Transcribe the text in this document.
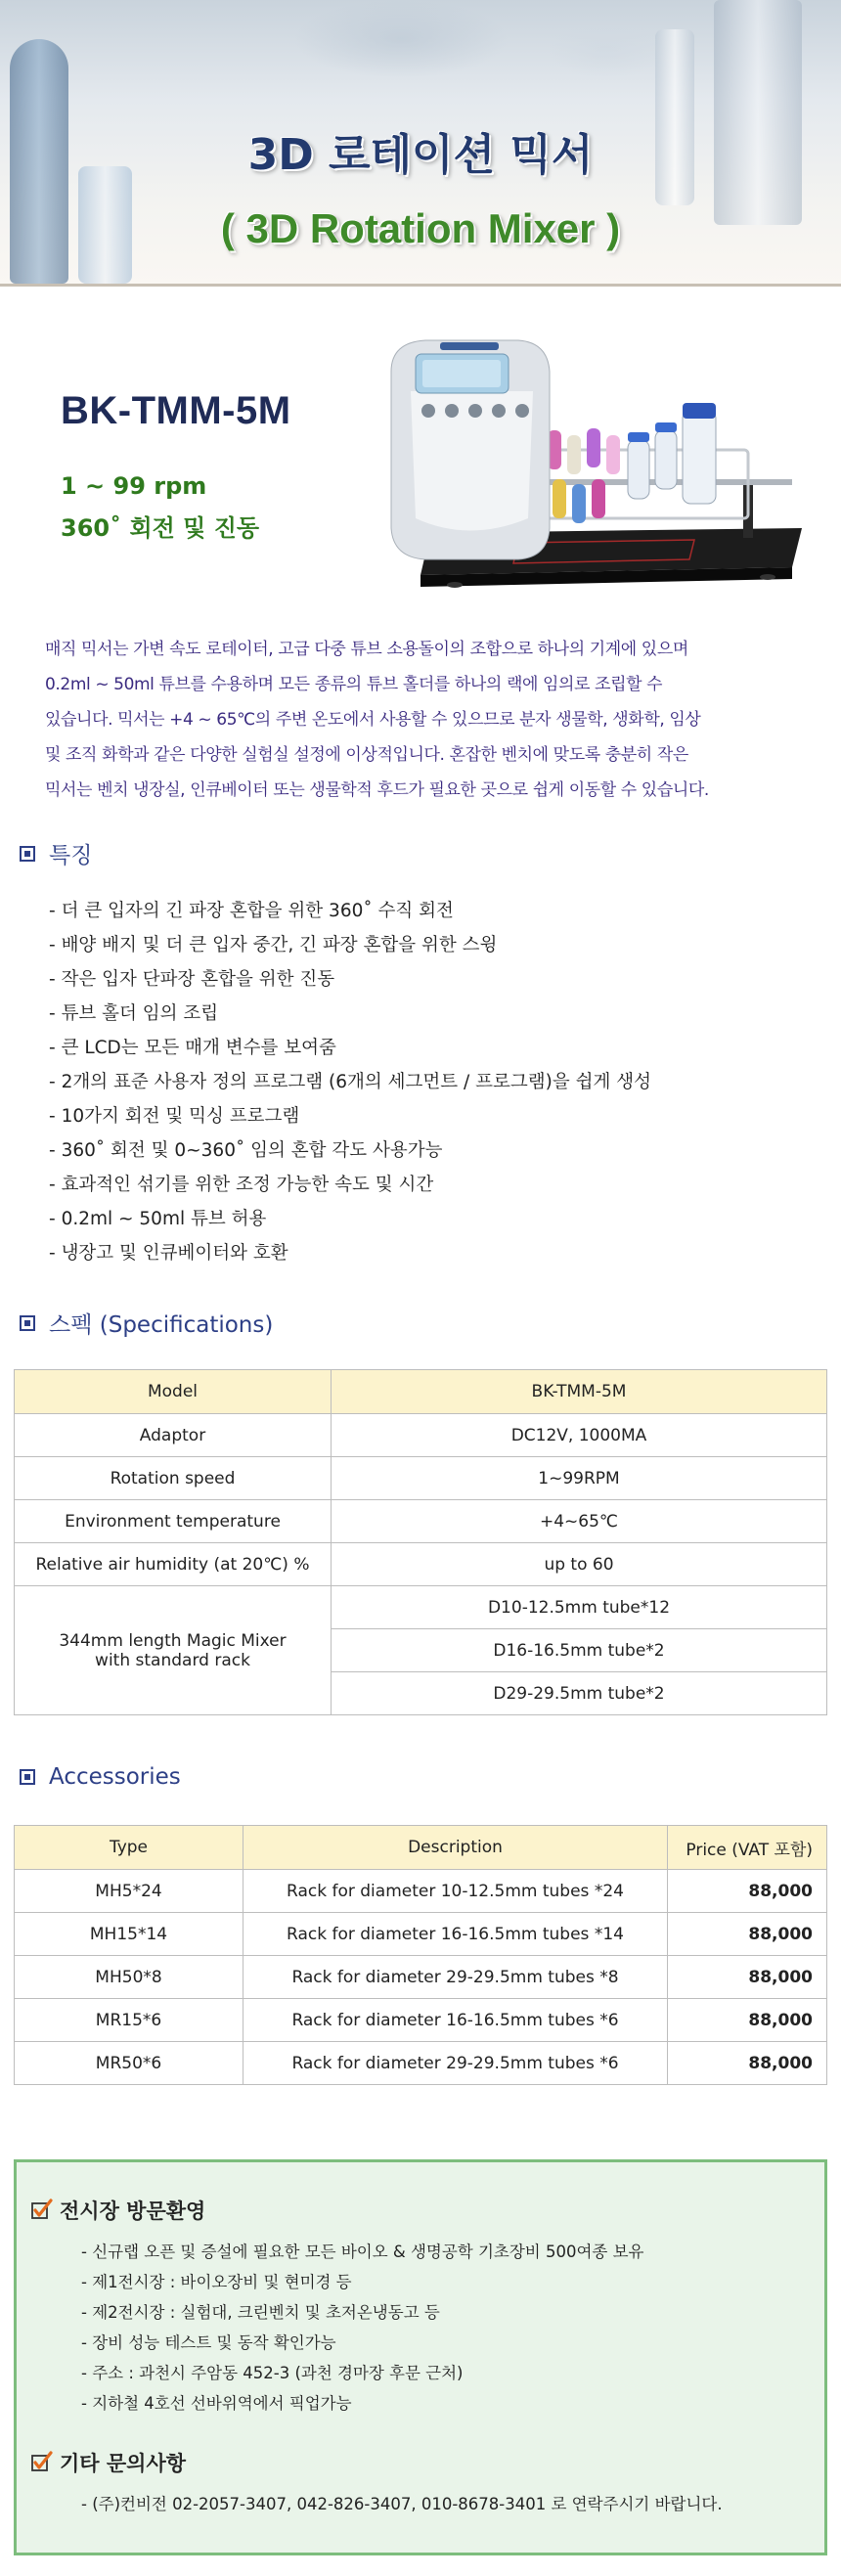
3D 로테이션 믹서
( 3D Rotation Mixer )
BK-TMM-5M
1 ~ 99 rpm
360˚ 회전 및 진동
매직 믹서는 가변 속도 로테이터, 고급 다중 튜브 소용돌이의 조합으로 하나의 기계에 있으며
0.2ml ~ 50ml 튜브를 수용하며 모든 종류의 튜브 홀더를 하나의 랙에 임의로 조립할 수
있습니다. 믹서는 +4 ~ 65℃의 주변 온도에서 사용할 수 있으므로 분자 생물학, 생화학, 임상
및 조직 화학과 같은 다양한 실험실 설정에 이상적입니다. 혼잡한 벤치에 맞도록 충분히 작은
믹서는 벤치 냉장실, 인큐베이터 또는 생물학적 후드가 필요한 곳으로 쉽게 이동할 수 있습니다.
특징
- 더 큰 입자의 긴 파장 혼합을 위한 360˚ 수직 회전
- 배양 배지 및 더 큰 입자 중간, 긴 파장 혼합을 위한 스윙
- 작은 입자 단파장 혼합을 위한 진동
- 튜브 홀더 임의 조립
- 큰 LCD는 모든 매개 변수를 보여줌
- 2개의 표준 사용자 정의 프로그램 (6개의 세그먼트 / 프로그램)을 쉽게 생성
- 10가지 회전 및 믹싱 프로그램
- 360˚ 회전 및 0~360˚ 임의 혼합 각도 사용가능
- 효과적인 섞기를 위한 조정 가능한 속도 및 시간
- 0.2ml ~ 50ml 튜브 허용
- 냉장고 및 인큐베이터와 호환
스펙 (Specifications)
Model	BK-TMM-5M
Adaptor	DC12V, 1000MA
Rotation speed	1~99RPM
Environment temperature	+4~65℃
Relative air humidity (at 20℃) %	up to 60

344mm length Magic Mixer
with standard rack	D10-12.5mm tube*12
	D16-16.5mm tube*2
	D29-29.5mm tube*2
Accessories
Type	Description	Price (VAT 포함)
MH5*24	Rack for diameter 10-12.5mm tubes *24	88,000
MH15*14	Rack for diameter 16-16.5mm tubes *14	88,000
MH50*8	Rack for diameter 29-29.5mm tubes *8	88,000
MR15*6	Rack for diameter 16-16.5mm tubes *6	88,000
MR50*6	Rack for diameter 29-29.5mm tubes *6	88,000
전시장 방문환영
- 신규랩 오픈 및 증설에 필요한 모든 바이오 & 생명공학 기초장비 500여종 보유
- 제1전시장 : 바이오장비 및 현미경 등
- 제2전시장 : 실험대, 크린벤치 및 초저온냉동고 등
- 장비 성능 테스트 및 동작 확인가능
- 주소 : 과천시 주암동 452-3 (과천 경마장 후문 근처)
- 지하철 4호선 선바위역에서 픽업가능
기타 문의사항
- (주)컨비전 02-2057-3407, 042-826-3407, 010-8678-3401 로 연락주시기 바랍니다.
